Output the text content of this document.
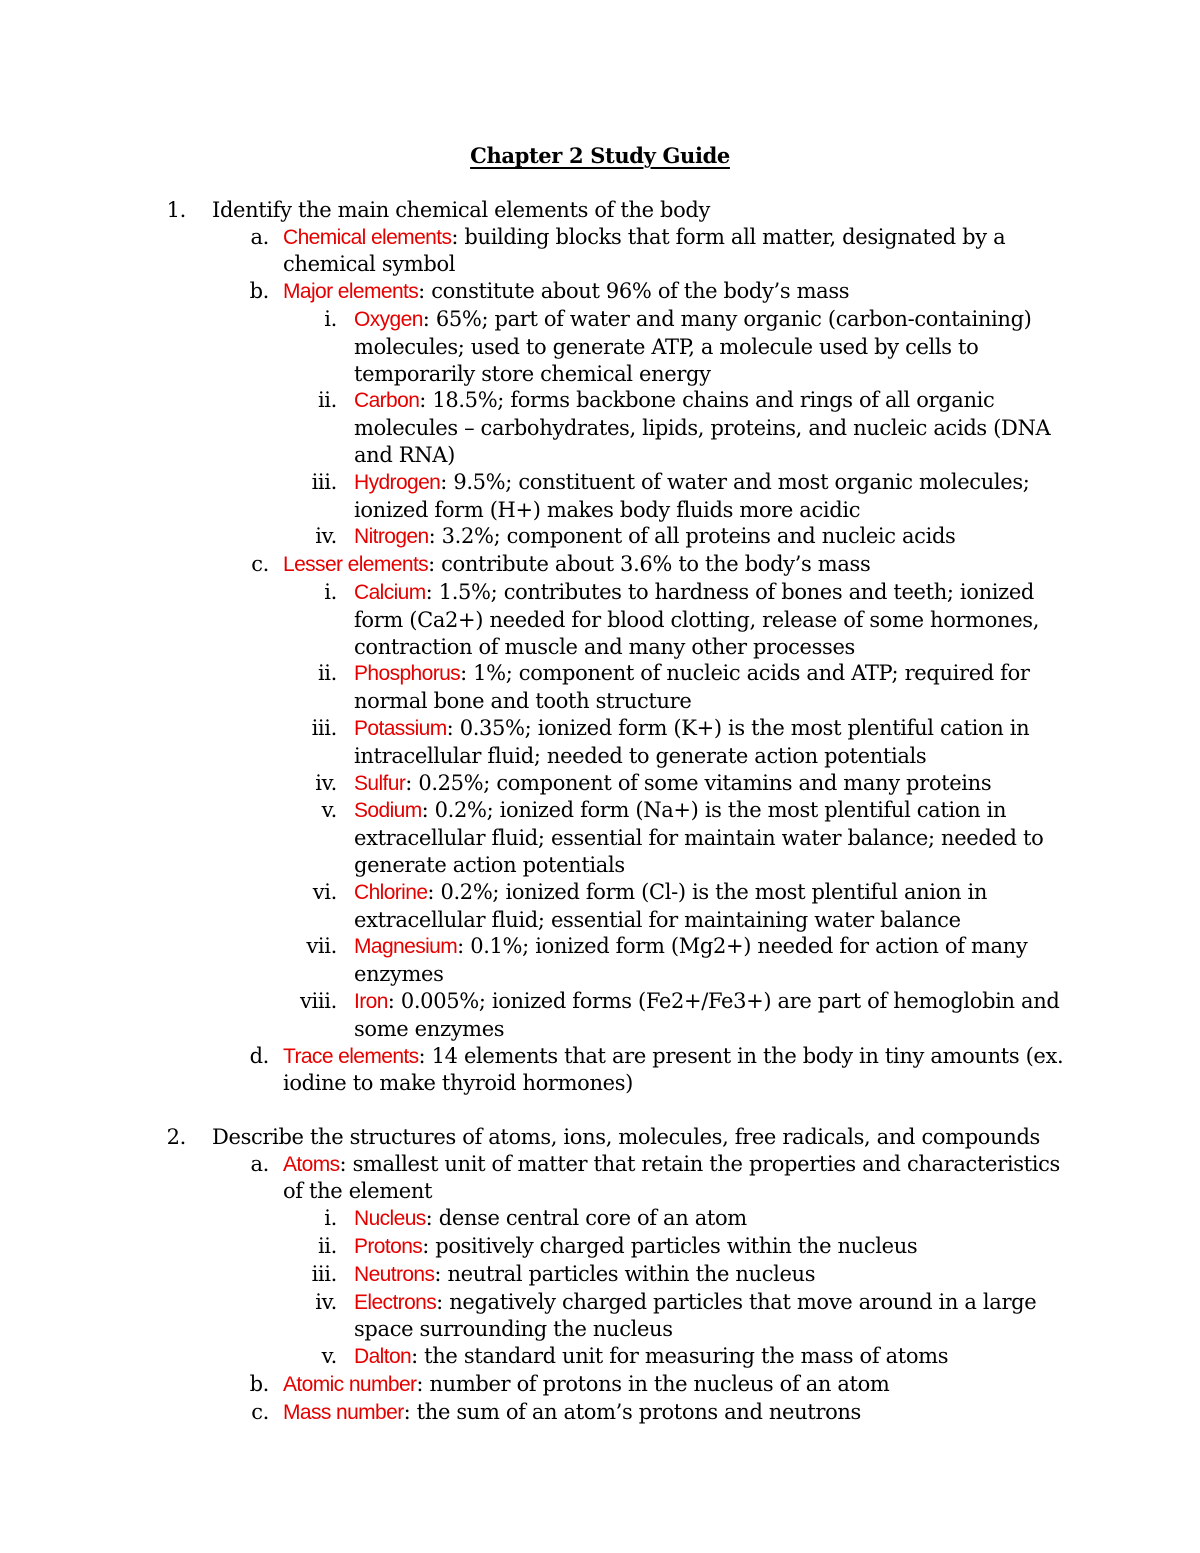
Chapter 2 Study Guide
1. Identify the main chemical elements of the body
a. Chemical elements: building blocks that form all matter, designated by a chemical symbol
b. Major elements: constitute about 96% of the body’s mass
i. Oxygen: 65%; part of water and many organic (carbon-containing) molecules; used to generate ATP, a molecule used by cells to temporarily store chemical energy
ii. Carbon: 18.5%; forms backbone chains and rings of all organic molecules – carbohydrates, lipids, proteins, and nucleic acids (DNA and RNA)
iii. Hydrogen: 9.5%; constituent of water and most organic molecules; ionized form (H+) makes body fluids more acidic
iv. Nitrogen: 3.2%; component of all proteins and nucleic acids
c. Lesser elements: contribute about 3.6% to the body’s mass
i. Calcium: 1.5%; contributes to hardness of bones and teeth; ionized form (Ca2+) needed for blood clotting, release of some hormones, contraction of muscle and many other processes
ii. Phosphorus: 1%; component of nucleic acids and ATP; required for normal bone and tooth structure
iii. Potassium: 0.35%; ionized form (K+) is the most plentiful cation in intracellular fluid; needed to generate action potentials
iv. Sulfur: 0.25%; component of some vitamins and many proteins
v. Sodium: 0.2%; ionized form (Na+) is the most plentiful cation in extracellular fluid; essential for maintain water balance; needed to generate action potentials
vi. Chlorine: 0.2%; ionized form (Cl-) is the most plentiful anion in extracellular fluid; essential for maintaining water balance
vii. Magnesium: 0.1%; ionized form (Mg2+) needed for action of many enzymes
viii. Iron: 0.005%; ionized forms (Fe2+/Fe3+) are part of hemoglobin and some enzymes
d. Trace elements: 14 elements that are present in the body in tiny amounts (ex. iodine to make thyroid hormones)
2. Describe the structures of atoms, ions, molecules, free radicals, and compounds
a. Atoms: smallest unit of matter that retain the properties and characteristics of the element
i. Nucleus: dense central core of an atom
ii. Protons: positively charged particles within the nucleus
iii. Neutrons: neutral particles within the nucleus
iv. Electrons: negatively charged particles that move around in a large space surrounding the nucleus
v. Dalton: the standard unit for measuring the mass of atoms
b. Atomic number: number of protons in the nucleus of an atom
c. Mass number: the sum of an atom’s protons and neutrons
